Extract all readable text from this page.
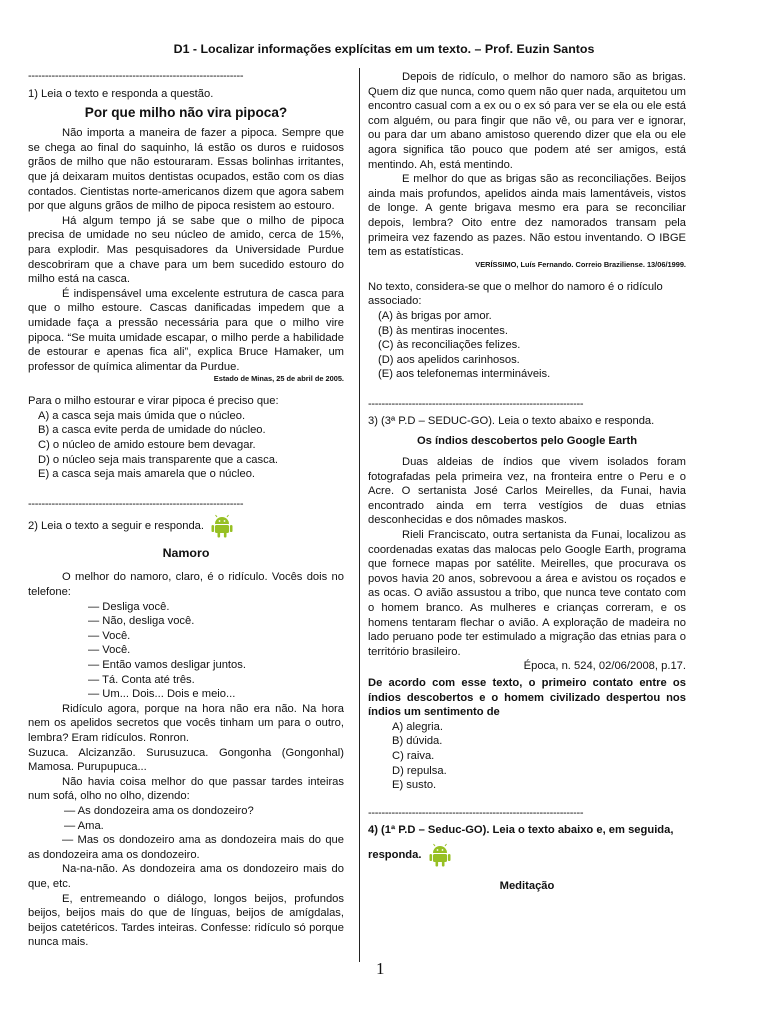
D1 - Localizar informações explícitas em um texto. – Prof. Euzin Santos
----------------------------------------------------------------
1) Leia o texto e responda a questão.
Por que milho não vira pipoca?

Não importa a maneira de fazer a pipoca. Sempre que se chega ao final do saquinho, lá estão os duros e ruidosos grãos de milho que não estouraram. Essas bolinhas irritantes, que já deixaram muitos dentistas ocupados, estão com os dias contados. Cientistas norte-americanos dizem que agora sabem por que alguns grãos de milho de pipoca resistem ao estouro.

Há algum tempo já se sabe que o milho de pipoca precisa de umidade no seu núcleo de amido, cerca de 15%, para explodir. Mas pesquisadores da Universidade Purdue descobriram que a chave para um bem sucedido estouro do milho está na casca.

É indispensável uma excelente estrutura de casca para que o milho estoure. Cascas danificadas impedem que a umidade faça a pressão necessária para que o milho vire pipoca. “Se muita umidade escapar, o milho perde a habilidade de estourar e apenas fica ali”, explica Bruce Hamaker, um professor de química alimentar da Purdue.

Estado de Minas, 25 de abril de 2005.
Para o milho estourar e virar pipoca é preciso que:
A) a casca seja mais úmida que o núcleo.
B) a casca evite perda de umidade do núcleo.
C) o núcleo de amido estoure bem devagar.
D) o núcleo seja mais transparente que a casca.
E) a casca seja mais amarela que o núcleo.
----------------------------------------------------------------
2) Leia o texto a seguir e responda.
Namoro

O melhor do namoro, claro, é o ridículo. Vocês dois no telefone:

— Desliga você.
— Não, desliga você.
— Você.
— Você.
— Então vamos desligar juntos.
— Tá. Conta até três.
— Um... Dois... Dois e meio...

Ridículo agora, porque na hora não era não. Na hora nem os apelidos secretos que vocês tinham um para o outro, lembra? Eram ridículos. Ronron.

Suzuca. Alcizanzão. Surusuzuca. Gongonha (Gongonhal) Mamosa. Purupupuca...

Não havia coisa melhor do que passar tardes inteiras num sofá, olho no olho, dizendo:

— As dondozeira ama os dondozeiro?
— Ama.

— Mas os dondozeiro ama as dondozeira mais do que as dondozeira ama os dondozeiro.

Na-na-não. As dondozeira ama os dondozeiro mais do que, etc.

E, entremeando o diálogo, longos beijos, profundos beijos, beijos mais do que de línguas, beijos de amígdalas, beijos catetéricos. Tardes inteiras. Confesse: ridículo só porque nunca mais.

Depois de ridículo, o melhor do namoro são as brigas. Quem diz que nunca, como quem não quer nada, arquitetou um encontro casual com a ex ou o ex só para ver se ela ou ele está com alguém, ou para fingir que não vê, ou para ver e ignorar, ou para dar um abano amistoso querendo dizer que ela ou ele agora significa tão pouco que podem até ser amigos, está mentindo. Ah, está mentindo.

E melhor do que as brigas são as reconciliações. Beijos ainda mais profundos, apelidos ainda mais lamentáveis, vistos de longe. A gente brigava mesmo era para se reconciliar depois, lembra? Oito entre dez namorados transam pela primeira vez fazendo as pazes. Não estou inventando. O IBGE tem as estatísticas.

VERÍSSIMO, Luís Fernando. Correio Braziliense. 13/06/1999.
No texto, considera-se que o melhor do namoro é o ridículo associado:
(A) às brigas por amor.
(B) às mentiras inocentes.
(C) às reconciliações felizes.
(D) aos apelidos carinhosos.
(E) aos telefonemas intermináveis.
----------------------------------------------------------------
3) (3ª P.D – SEDUC-GO). Leia o texto abaixo e responda.
Os índios descobertos pelo Google Earth

Duas aldeias de índios que vivem isolados foram fotografadas pela primeira vez, na fronteira entre o Peru e o Acre. O sertanista José Carlos Meirelles, da Funai, havia encontrado ainda em terra vestígios de duas etnias desconhecidas e dos nômades maskos.

Rieli Franciscato, outra sertanista da Funai, localizou as coordenadas exatas das malocas pelo Google Earth, programa que fornece mapas por satélite. Meirelles, que procurava os povos havia 20 anos, sobrevoou a área e avistou os roçados e as ocas. O avião assustou a tribo, que nunca teve contato com o homem branco. As mulheres e crianças correram, e os homens tentaram flechar o avião. A exploração de madeira no lado peruano pode ter estimulado a migração das etnias para o território brasileiro.

Época, n. 524, 02/06/2008, p.17.

De acordo com esse texto, o primeiro contato entre os índios descobertos e o homem civilizado despertou nos índios um sentimento de

A) alegria.
B) dúvida.
C) raiva.
D) repulsa.
E) susto.
----------------------------------------------------------------
4) (1ª P.D – Seduc-GO). Leia o texto abaixo e, em seguida,
responda.
Meditação
1
